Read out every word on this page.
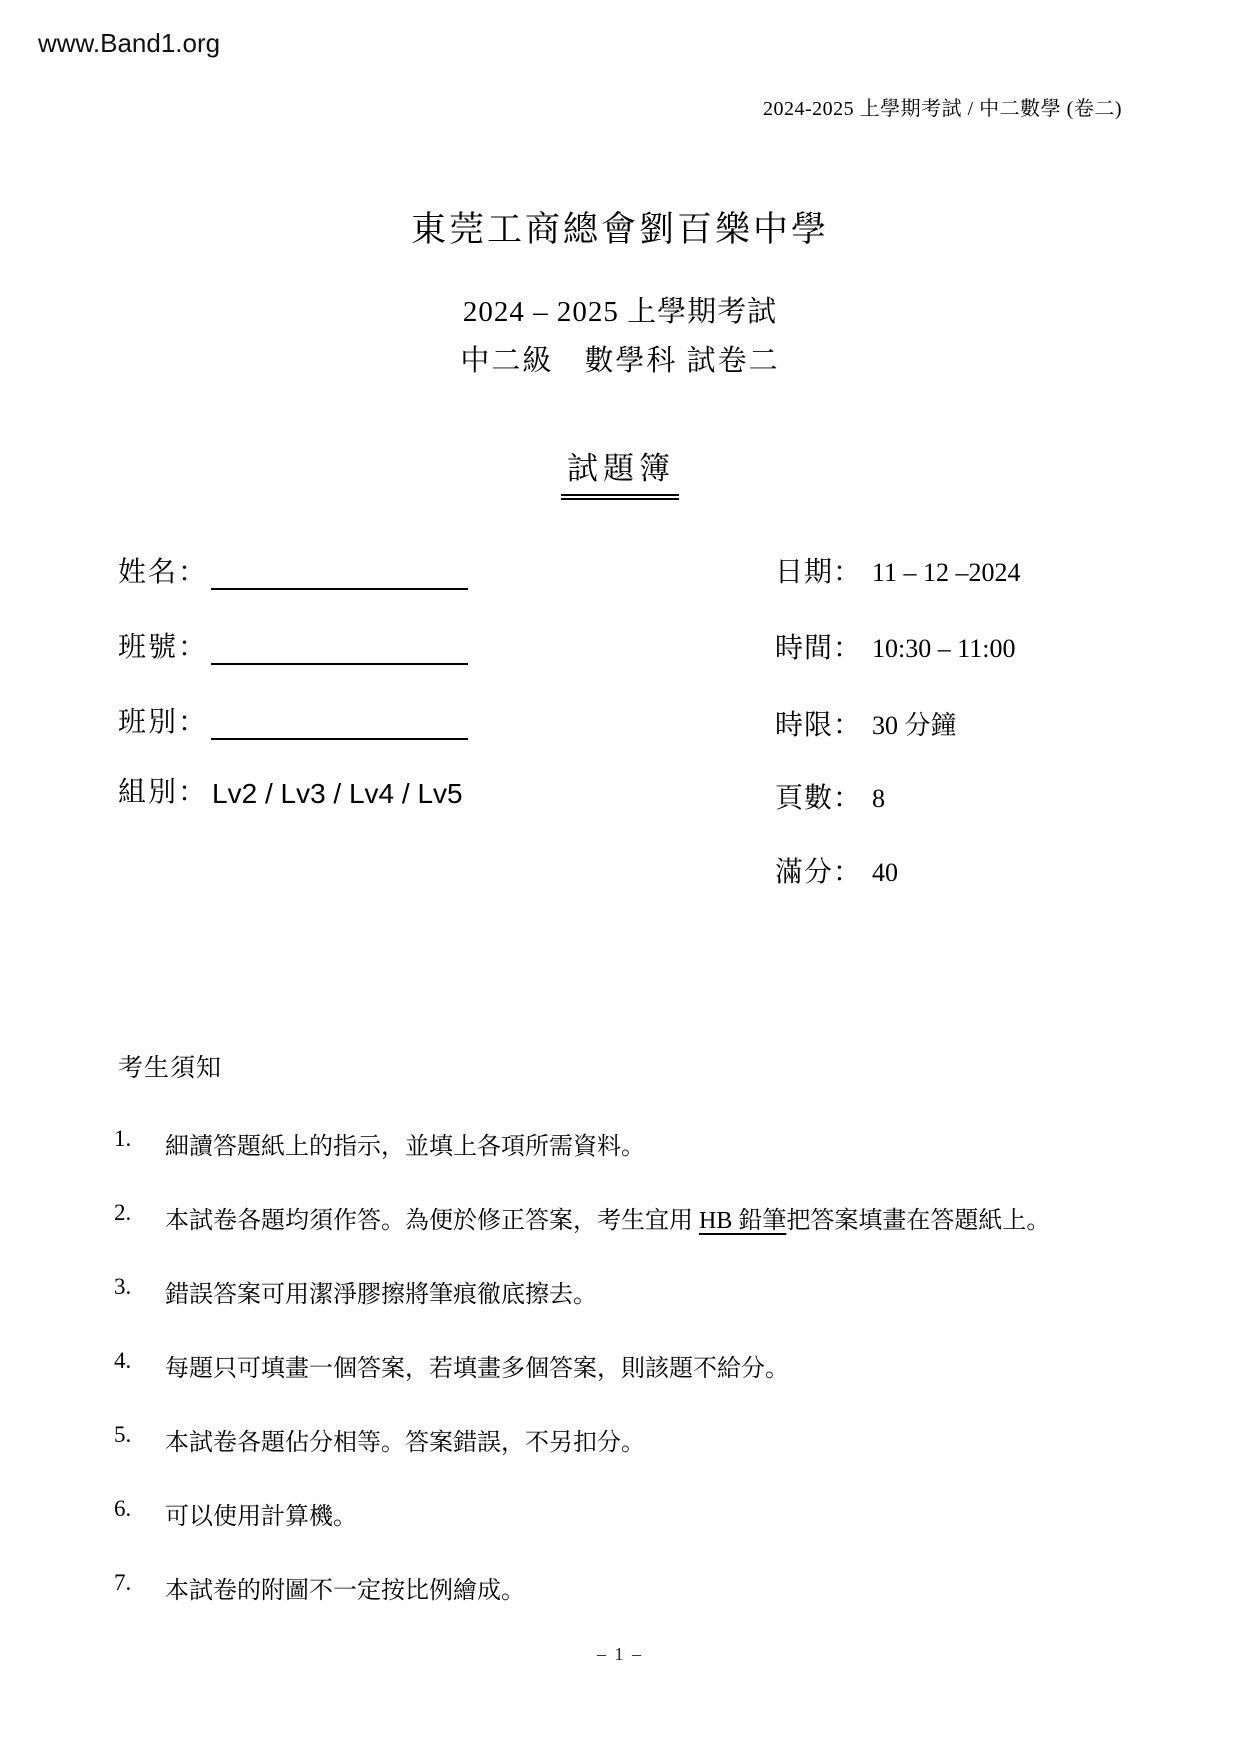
www.Band1.org
2024-2025 上學期考試 / 中二數學 (卷二)
東莞工商總會劉百樂中學
2024 – 2025 上學期考試
中二級　數學科 試卷二
試題簿
姓名：
班號：
班別：
組別： Lv2 / Lv3 / Lv4 / Lv5
日期： 11 – 12 –2024
時間： 10:30 – 11:00
時限： 30 分鐘
頁數： 8
滿分： 40
考生須知
1.	細讀答題紙上的指示，並填上各項所需資料。
2.	本試卷各題均須作答。為便於修正答案，考生宜用 HB 鉛筆把答案填畫在答題紙上。
3.	錯誤答案可用潔淨膠擦將筆痕徹底擦去。
4.	每題只可填畫一個答案，若填畫多個答案，則該題不給分。
5.	本試卷各題佔分相等。答案錯誤，不另扣分。
6.	可以使用計算機。
7.	本試卷的附圖不一定按比例繪成。
– 1 –
